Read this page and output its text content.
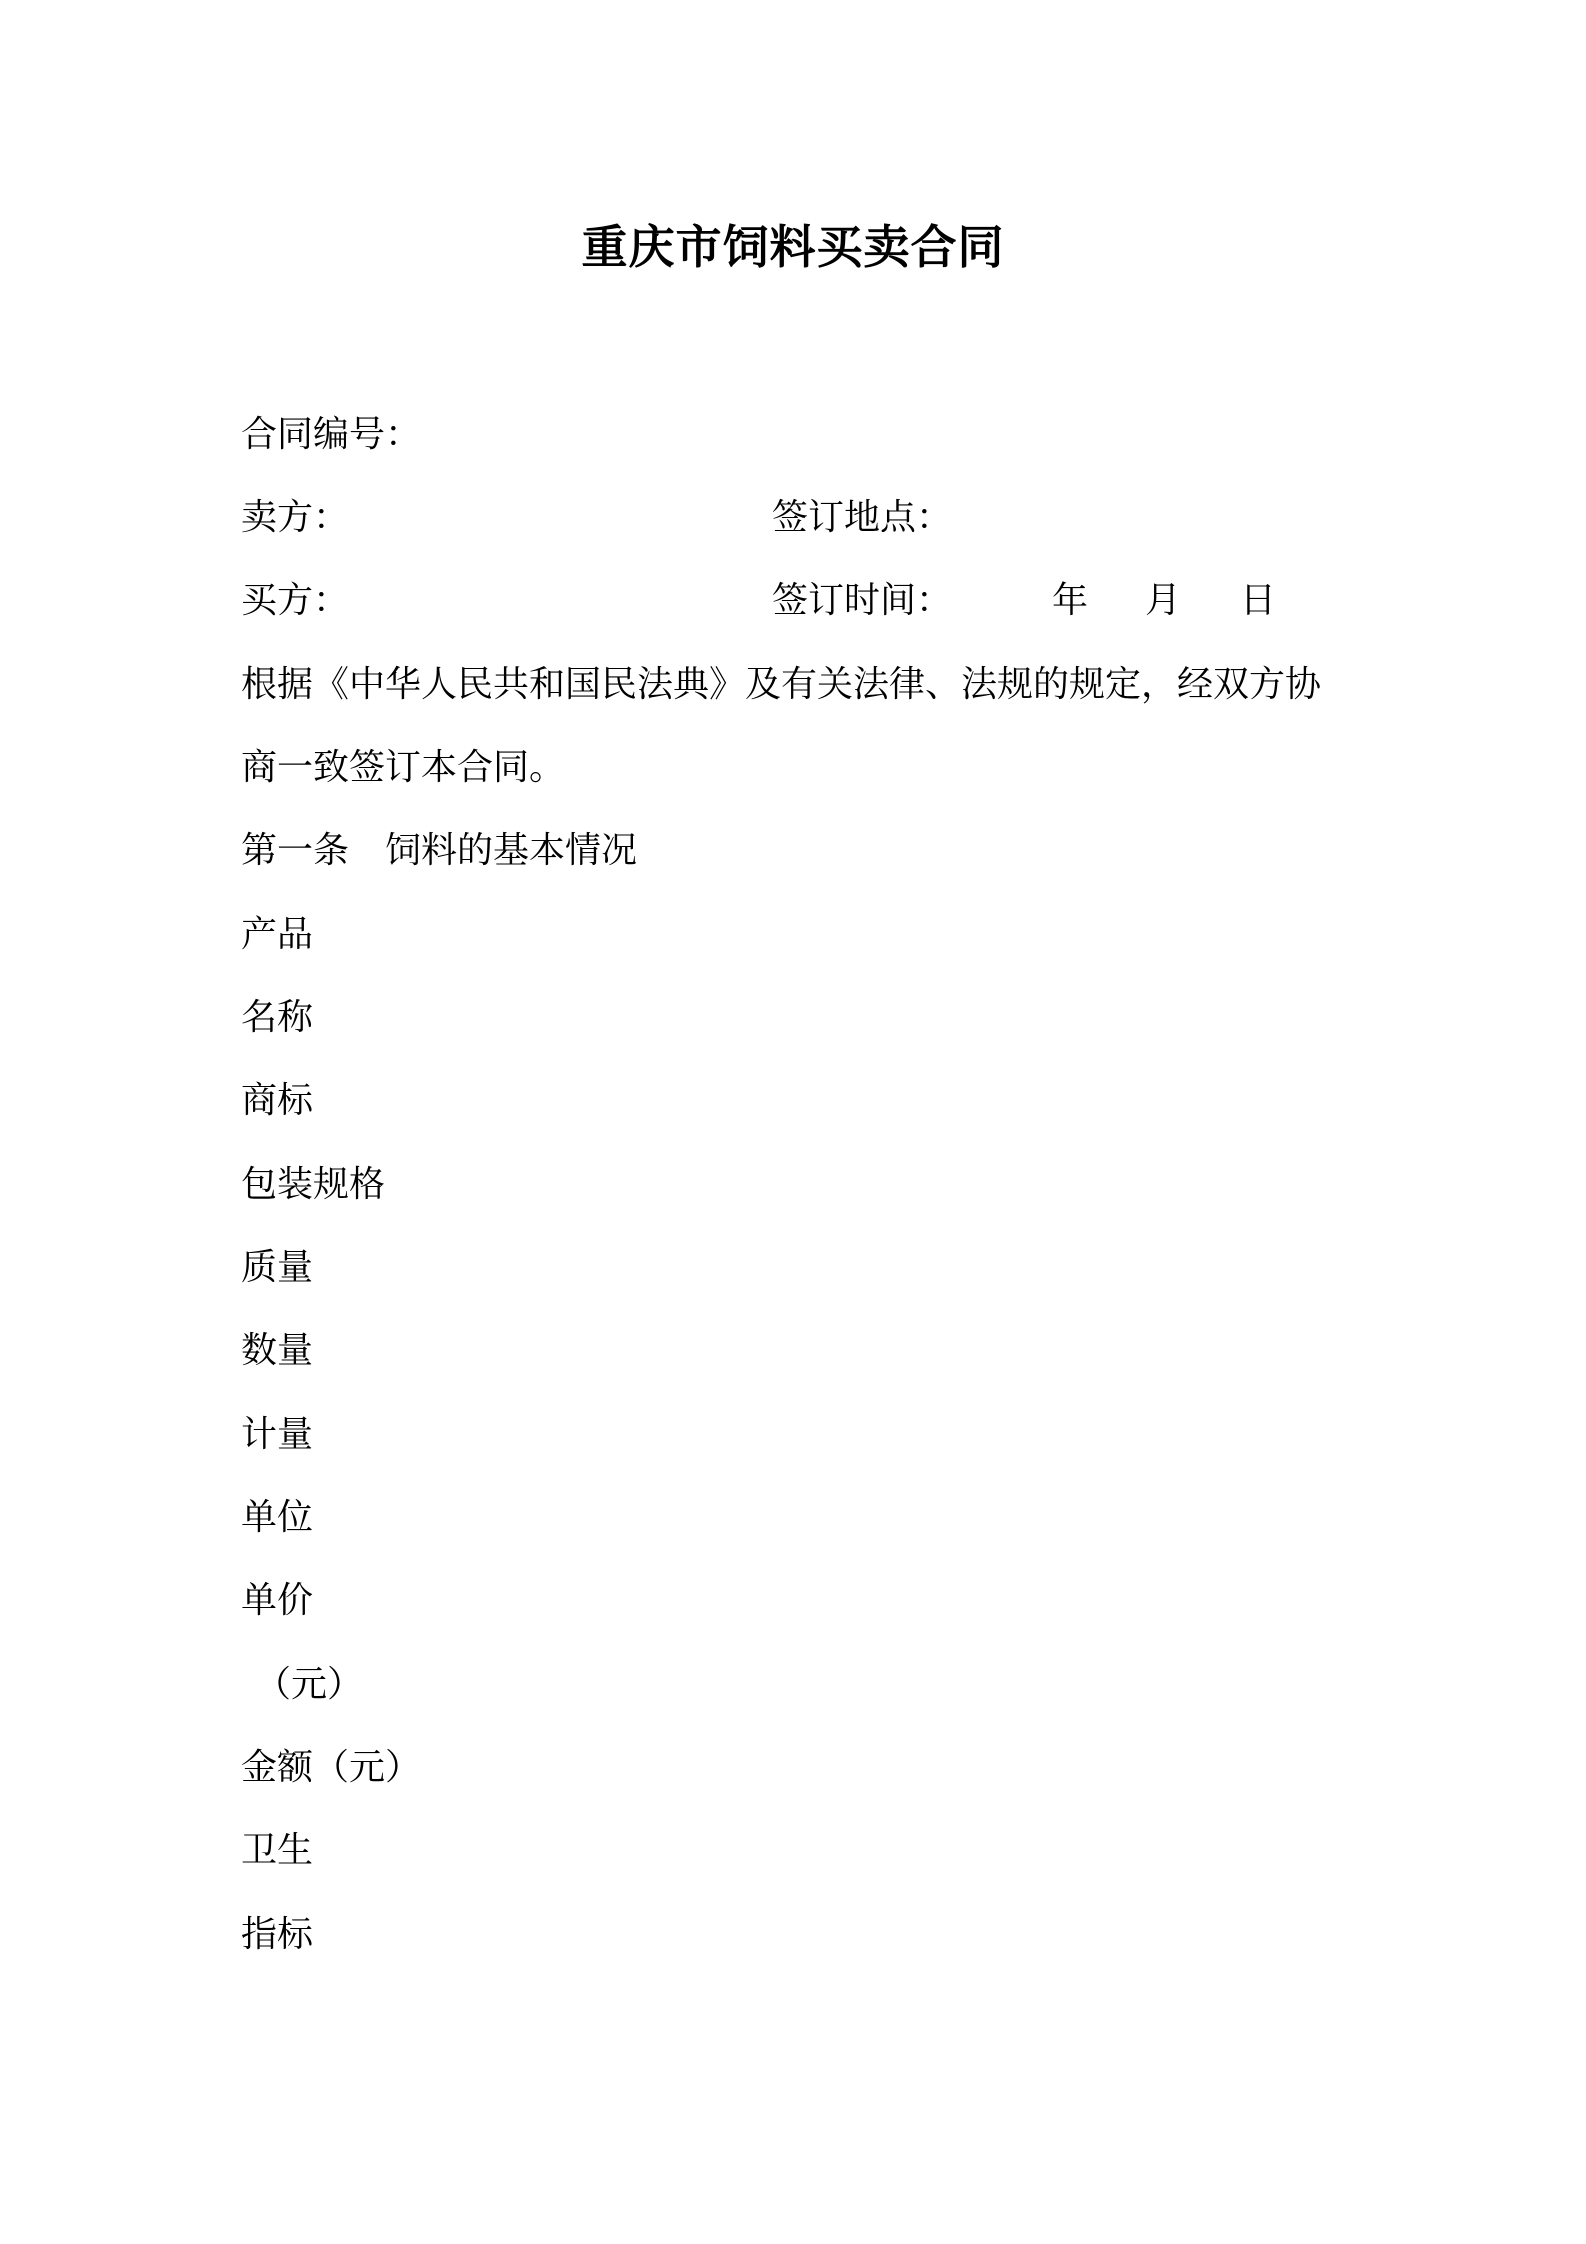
重庆市饲料买卖合同
合同编号：
卖方：	签订地点：
买方：	签订时间：	年 月 日
根据《中华人民共和国民法典》及有关法律、法规的规定，经双方协
商一致签订本合同。
第一条　饲料的基本情况
产品
名称
商标
包装规格
质量
数量
计量
单位
单价
（元）
金额（元）
卫生
指标
